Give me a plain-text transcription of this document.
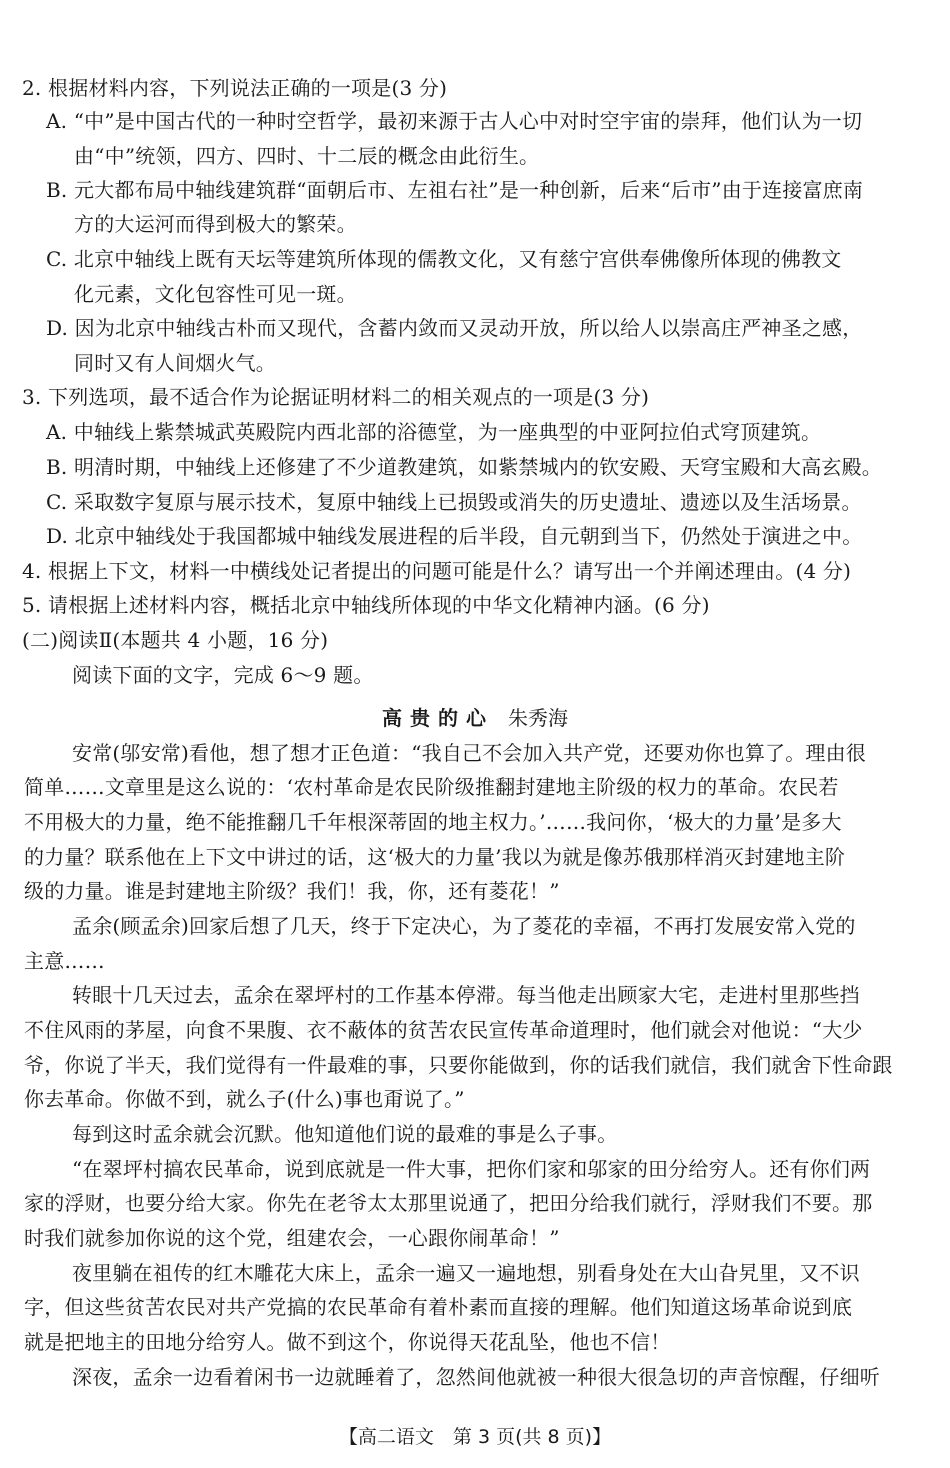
2. 根据材料内容，下列说法正确的一项是(3 分)
A. “中”是中国古代的一种时空哲学，最初来源于古人心中对时空宇宙的崇拜，他们认为一切
由“中”统领，四方、四时、十二辰的概念由此衍生。
B. 元大都布局中轴线建筑群“面朝后市、左祖右社”是一种创新，后来“后市”由于连接富庶南
方的大运河而得到极大的繁荣。
C. 北京中轴线上既有天坛等建筑所体现的儒教文化，又有慈宁宫供奉佛像所体现的佛教文
化元素，文化包容性可见一斑。
D. 因为北京中轴线古朴而又现代，含蓄内敛而又灵动开放，所以给人以崇高庄严神圣之感，
同时又有人间烟火气。
3. 下列选项，最不适合作为论据证明材料二的相关观点的一项是(3 分)
A. 中轴线上紫禁城武英殿院内西北部的浴德堂，为一座典型的中亚阿拉伯式穹顶建筑。
B. 明清时期，中轴线上还修建了不少道教建筑，如紫禁城内的钦安殿、天穹宝殿和大高玄殿。
C. 采取数字复原与展示技术，复原中轴线上已损毁或消失的历史遗址、遗迹以及生活场景。
D. 北京中轴线处于我国都城中轴线发展进程的后半段，自元朝到当下，仍然处于演进之中。
4. 根据上下文，材料一中横线处记者提出的问题可能是什么？请写出一个并阐述理由。(4 分)
5. 请根据上述材料内容，概括北京中轴线所体现的中华文化精神内涵。(6 分)
(二)阅读Ⅱ(本题共 4 小题，16 分)
阅读下面的文字，完成 6～9 题。
高贵的心 朱秀海
安常(邬安常)看他，想了想才正色道：“我自己不会加入共产党，还要劝你也算了。理由很
简单……文章里是这么说的：‘农村革命是农民阶级推翻封建地主阶级的权力的革命。农民若
不用极大的力量，绝不能推翻几千年根深蒂固的地主权力。’……我问你，‘极大的力量’是多大
的力量？联系他在上下文中讲过的话，这‘极大的力量’我以为就是像苏俄那样消灭封建地主阶
级的力量。谁是封建地主阶级？我们！我，你，还有菱花！”
孟余(顾孟余)回家后想了几天，终于下定决心，为了菱花的幸福，不再打发展安常入党的
主意……
转眼十几天过去，孟余在翠坪村的工作基本停滞。每当他走出顾家大宅，走进村里那些挡
不住风雨的茅屋，向食不果腹、衣不蔽体的贫苦农民宣传革命道理时，他们就会对他说：“大少
爷，你说了半天，我们觉得有一件最难的事，只要你能做到，你的话我们就信，我们就舍下性命跟
你去革命。你做不到，就么子(什么)事也甭说了。”
每到这时孟余就会沉默。他知道他们说的最难的事是么子事。
“在翠坪村搞农民革命，说到底就是一件大事，把你们家和邬家的田分给穷人。还有你们两
家的浮财，也要分给大家。你先在老爷太太那里说通了，把田分给我们就行，浮财我们不要。那
时我们就参加你说的这个党，组建农会，一心跟你闹革命！”
夜里躺在祖传的红木雕花大床上，孟余一遍又一遍地想，别看身处在大山旮旯里，又不识
字，但这些贫苦农民对共产党搞的农民革命有着朴素而直接的理解。他们知道这场革命说到底
就是把地主的田地分给穷人。做不到这个，你说得天花乱坠，他也不信！
深夜，孟余一边看着闲书一边就睡着了，忽然间他就被一种很大很急切的声音惊醒，仔细听
【高二语文　第 3 页(共 8 页)】
